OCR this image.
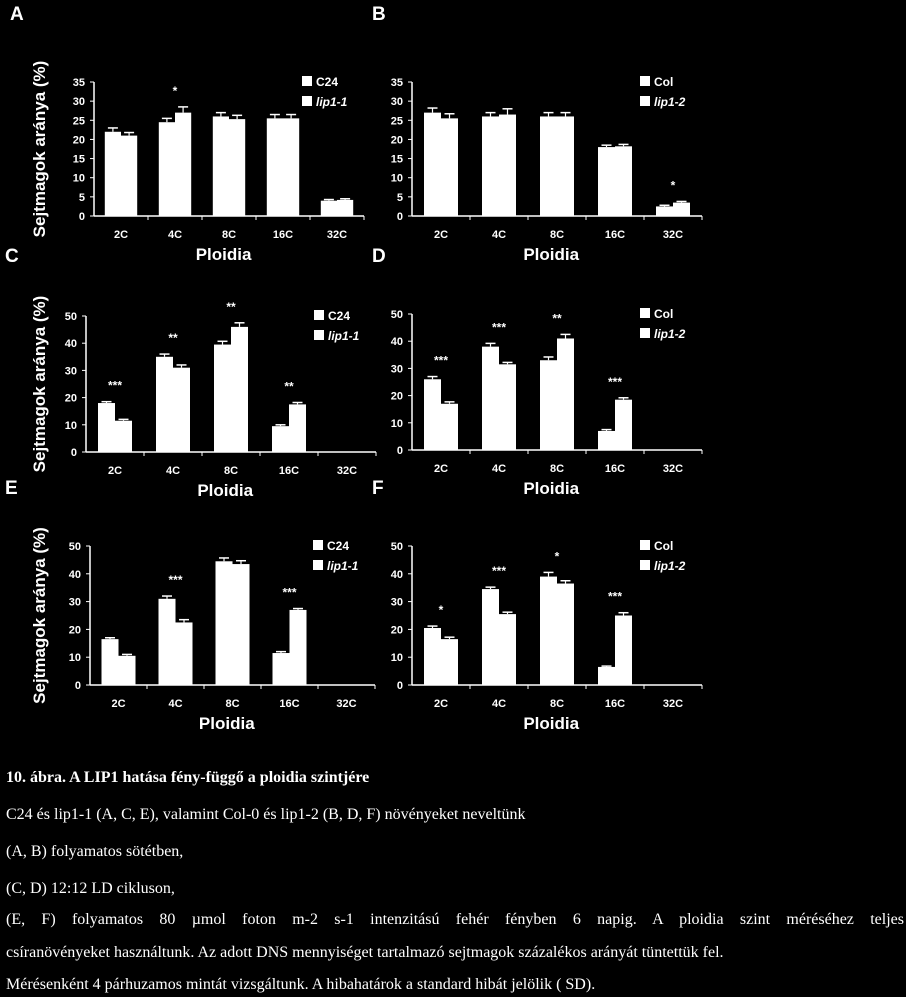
A
0
5
10
15
20
25
30
35
2C	4C
*
8C	16C	32C
Ploidia
Sejtmagok aránya (%)	C24
lip1-1
B
0
5
10
15
20
25
30
35
2C	4C	8C	16C	32C
*
Ploidia
Col
lip1-2
C
0
10
20
30
40
50
2C
***
4C
**
8C
**
16C
**
32C
Ploidia
Sejtmagok aránya (%)	C24
lip1-1
D
0
10
20
30
40
50
2C
***
4C
***
8C
**
16C
***
32C
Ploidia
Col
lip1-2
E
0
10
20
30
40
50
2C	4C
***
8C	16C
***
32C
Ploidia
Sejtmagok aránya (%)	C24
lip1-1
F
0
10
20
30
40
50
2C
*
4C
***
8C
*
16C
***
32C
Ploidia
Col
lip1-2
10. ábra. A LIP1 hatása fény-függő a ploidia szintjére
C24 és lip1-1 (A, C, E), valamint Col-0 és lip1-2 (B, D, F) növényeket neveltünk
(A, B) folyamatos sötétben,
(C, D) 12:12 LD cikluson,
(E, F) folyamatos 80 µmol foton m-2 s-1 intenzitású fehér fényben 6 napig. A ploidia szint méréséhez teljes
csíranövényeket használtunk. Az adott DNS mennyiséget tartalmazó sejtmagok százalékos arányát tüntettük fel.
Mérésenként 4 párhuzamos mintát vizsgáltunk. A hibahatárok a standard hibát jelölik ( SD).
